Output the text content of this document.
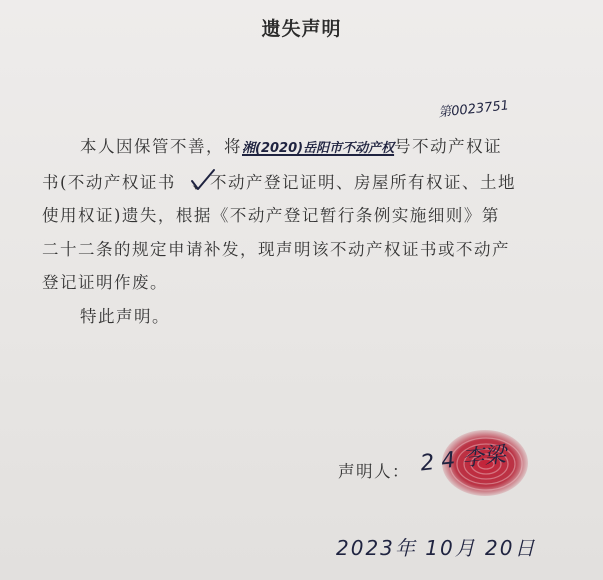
遗失声明
第0023751

本人因保管不善，将湘(2020)岳阳市不动产权号不动产权证

书(不动产权证书 、不动产登记证明、房屋所有权证、土地

使用权证)遗失，根据《不动产登记暂行条例实施细则》第

二十二条的规定申请补发，现声明该不动产权证书或不动产

登记证明作废。

特此声明。

声明人： 2 4 李梁
2023年 10月 20日
